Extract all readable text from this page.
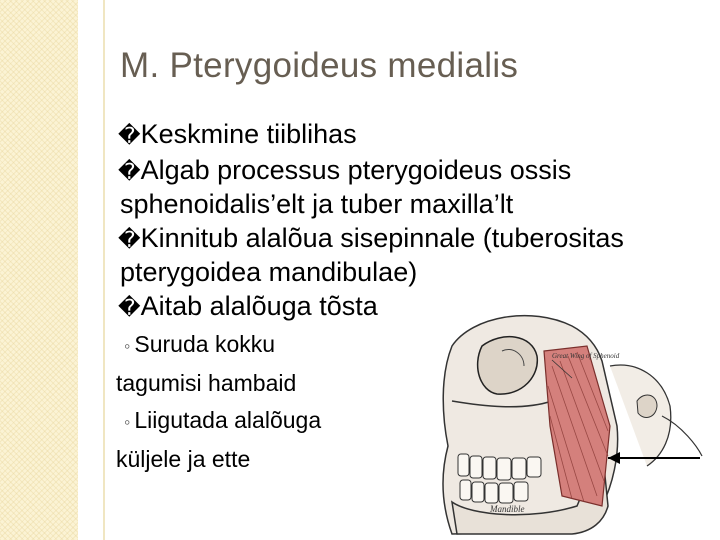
M. Pterygoideus medialis
�Keskmine tiiblihas
�Algab processus pterygoideus ossis
sphenoidalis’elt ja tuber maxilla’lt
�Kinnitub alalõua sisepinnale (tuberositas
pterygoidea mandibulae)
�Aitab alalõuga tõsta
◦ Suruda kokku
tagumisi hambaid
◦ Liigutada alalõuga
küljele ja ette
Great Wing of Sphenoid
Mandible
